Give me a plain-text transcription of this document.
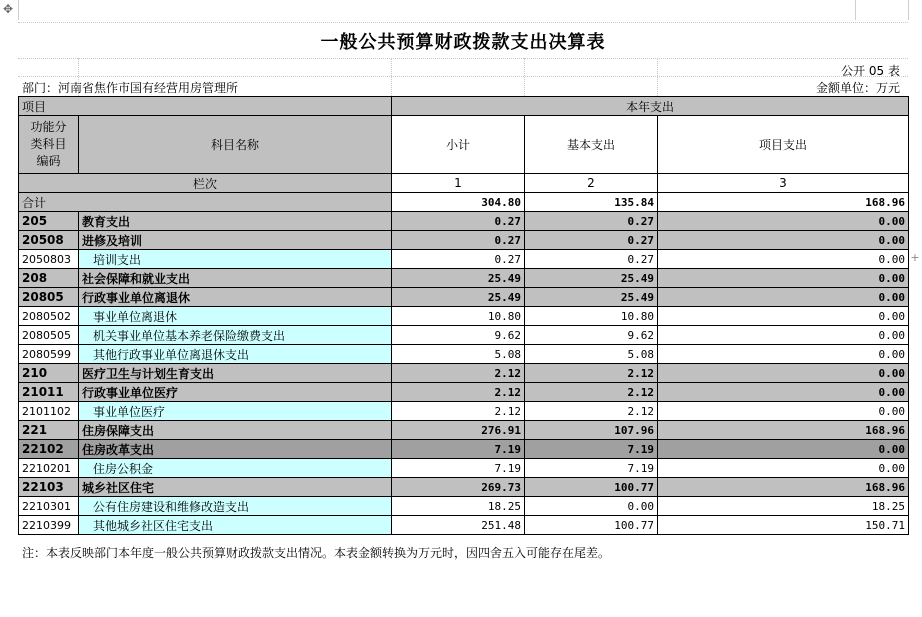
✥
+
一般公共预算财政拨款支出决算表
公开 05 表
部门：河南省焦作市国有经营用房管理所	金额单位：万元
项目		本年支出		
功能分类科目编码	科目名称	小计	基本支出	项目支出
栏次		1	2	3
合计		304.80	135.84	168.96
205	教育支出	0.27	0.27	0.00
20508	进修及培训	0.27	0.27	0.00
2050803	培训支出	0.27	0.27	0.00
208	社会保障和就业支出	25.49	25.49	0.00
20805	行政事业单位离退休	25.49	25.49	0.00
2080502	事业单位离退休	10.80	10.80	0.00
2080505	机关事业单位基本养老保险缴费支出	9.62	9.62	0.00
2080599	其他行政事业单位离退休支出	5.08	5.08	0.00
210	医疗卫生与计划生育支出	2.12	2.12	0.00
21011	行政事业单位医疗	2.12	2.12	0.00
2101102	事业单位医疗	2.12	2.12	0.00
221	住房保障支出	276.91	107.96	168.96
22102	住房改革支出	7.19	7.19	0.00
2210201	住房公积金	7.19	7.19	0.00
22103	城乡社区住宅	269.73	100.77	168.96
2210301	公有住房建设和维修改造支出	18.25	0.00	18.25
2210399	其他城乡社区住宅支出	251.48	100.77	150.71
注：本表反映部门本年度一般公共预算财政拨款支出情况。本表金额转换为万元时，因四舍五入可能存在尾差。
